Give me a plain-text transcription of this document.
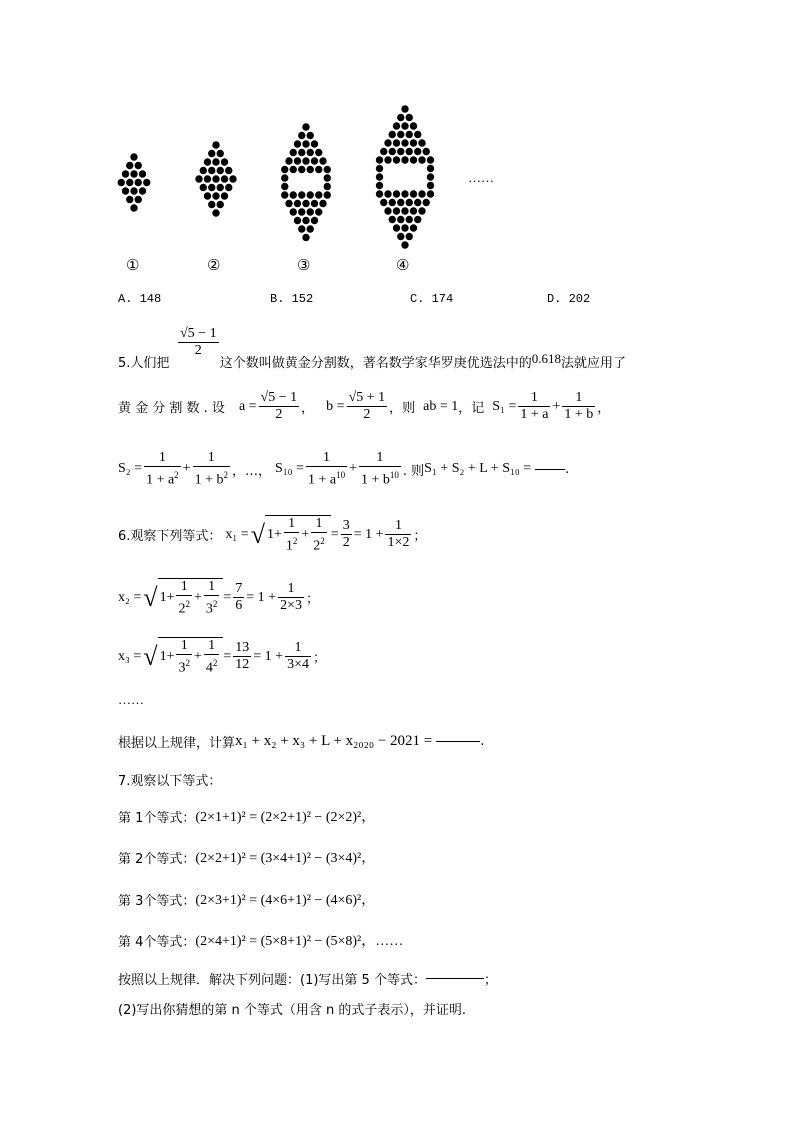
……
①	②	③	④
A. 148	B. 152	C. 174	D. 202
$\frac{√5 - 1}{2}$
5.人们把	这个数叫做黄金分割数，著名数学家华罗庚优选法中的0.618法就应用了
黄 金 分 割 数 . 设 $a = \frac{√5 - 1}{2}$ ， $b = \frac{√5 + 1}{2}$ ，则 ab = 1 ，记 $S_1 = \frac{1}{1 + a} + \frac{1}{1 + b}$ ，
$S_2 = \frac{1}{1 + a^2} + \frac{1}{1 + b^2}$ ，…， $S_{10} = \frac{1}{1 + a^{10}} + \frac{1}{1 + b^{10}}$ . 则 S₁ + S₂ + L + S₁₀ =	.
6.观察下列等式： x₁ = √ $1+ \frac{1}{1^2} + \frac{1}{2^2} = \frac{3}{2} = 1 + \frac{1}{1\times 2}$ ；
x₂ = √ $1+ \frac{1}{2^2} + \frac{1}{3^2} = \frac{7}{6} = 1 + \frac{1}{2\times 3}$ ；
x₃ = √ $1+ \frac{1}{3^2} + \frac{1}{4^2} = \frac{13}{12} = 1 + \frac{1}{3\times 4}$ ；
……
根据以上规律，计算 x₁ + x₂ + x₃ + L + x₂₀₂₀ − 2021 =	.
7.观察以下等式：
第 1个等式： (2×1+1)² = (2×2+1)² − (2×2)²，
第 2个等式： (2×2+1)² = (3×4+1)² − (3×4)²，
第 3个等式： (2×3+1)² = (4×6+1)² − (4×6)²，
第 4个等式： (2×4+1)² = (5×8+1)² − (5×8)²，……
按照以上规律．解决下列问题：(1)写出第 5 个等式：	；
(2)写出你猜想的第 n 个等式（用含 n 的式子表示），并证明.
